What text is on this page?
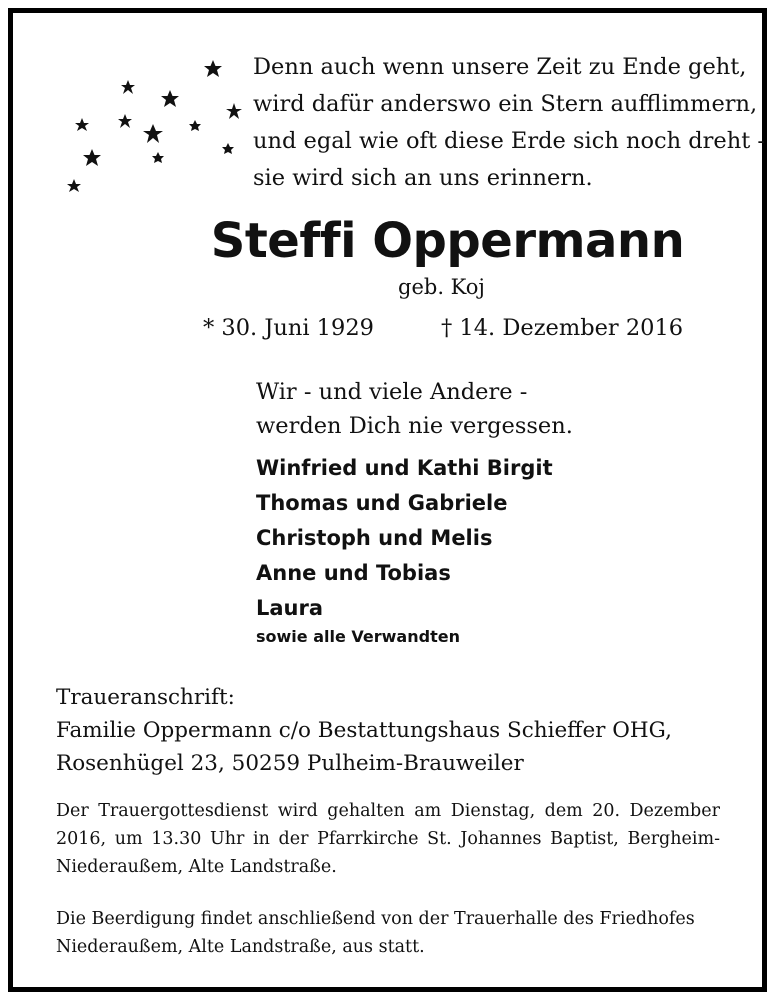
Denn auch wenn unsere Zeit zu Ende geht,
wird dafür anderswo ein Stern aufflimmern,
und egal wie oft diese Erde sich noch dreht -
sie wird sich an uns erinnern.
Steffi Oppermann
geb. Koj
* 30. Juni 1929	† 14. Dezember 2016
Wir - und viele Andere -
werden Dich nie vergessen.
Winfried und Kathi Birgit
Thomas und Gabriele
Christoph und Melis
Anne und Tobias
Laura
sowie alle Verwandten
Traueranschrift:
Familie Oppermann c/o Bestattungshaus Schieffer OHG,
Rosenhügel 23, 50259 Pulheim-Brauweiler

Der Trauergottesdienst wird gehalten am Dienstag, dem 20. Dezember 2016, um 13.30 Uhr in der Pfarrkirche St. Johannes Baptist, Bergheim-Niederaußem, Alte Landstraße.

Die Beerdigung findet anschließend von der Trauerhalle des Friedhofes Niederaußem, Alte Landstraße, aus statt.
